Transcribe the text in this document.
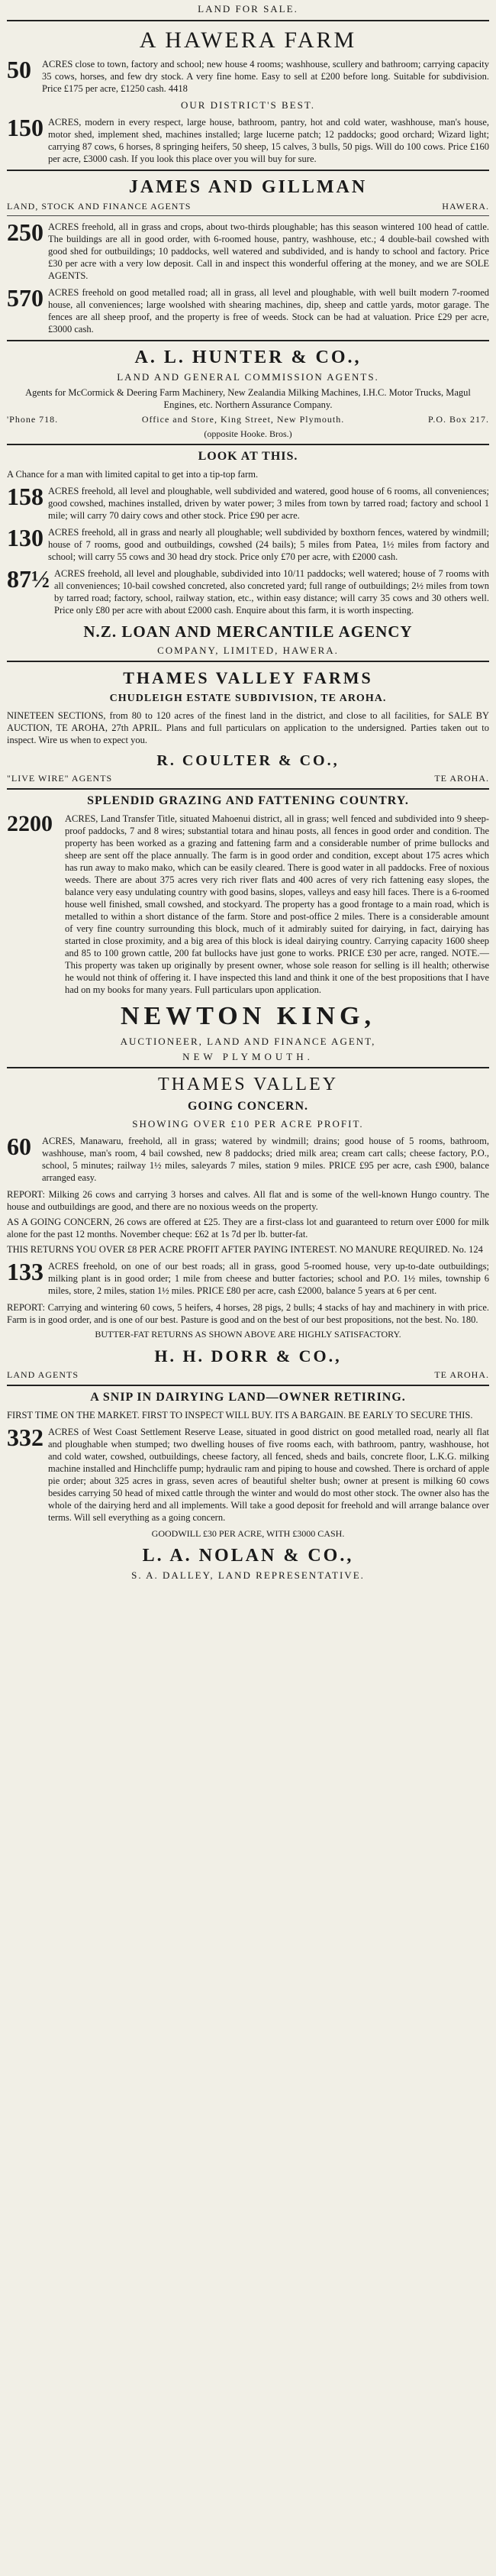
LAND FOR SALE.
A HAWERA FARM
50	ACRES close to town, factory and school; new house 4 rooms; washhouse, scullery and bathroom; carrying capacity 35 cows, horses, and few dry stock. A very fine home. Easy to sell at £200 before long. Suitable for subdivision. Price £175 per acre, £1250 cash. 4418
OUR DISTRICT'S BEST.
150 ACRES, modern in every respect, large house, bathroom, pantry, hot and cold water, washhouse, man's house, motor shed, implement shed, machines installed; large lucerne patch; 12 paddocks; good orchard; Wizard light; carrying 87 cows, 6 horses, 8 springing heifers, 50 sheep, 15 calves, 3 bulls, 50 pigs. Will do 100 cows. Price £160 per acre, £3000 cash. If you look this place over you will buy for sure.
JAMES AND GILLMAN
LAND, STOCK AND FINANCE AGENTS	HAWERA.
250 ACRES freehold, all in grass and crops, about two-thirds ploughable; has this season wintered 100 head of cattle. The buildings are all in good order, with 6-roomed house, pantry, washhouse, etc.; 4 double-bail cowshed with good shed for outbuildings; 10 paddocks, well watered and subdivided, and is handy to school and factory. Price £30 per acre with a very low deposit. Call in and inspect this wonderful offering at the money, and we are SOLE AGENTS.
570 ACRES freehold on good metalled road; all in grass, all level and ploughable, with well built modern 7-roomed house, all conveniences; large woolshed with shearing machines, dip, sheep and cattle yards, motor garage. The fences are all sheep proof, and the property is free of weeds. Stock can be had at valuation. Price £29 per acre, £3000 cash.
A. L. HUNTER & CO.,
LAND AND GENERAL COMMISSION AGENTS.
Agents for McCormick & Deering Farm Machinery, New Zealandia Milking Machines, I.H.C. Motor Trucks, Magul Engines, etc. Northern Assurance Company.
'Phone 718.	Office and Store, King Street, New Plymouth.	P.O. Box 217.
(opposite Hooke. Bros.)
LOOK AT THIS.
A Chance for a man with limited capital to get into a tip-top farm.
158 ACRES freehold, all level and ploughable, well subdivided and watered, good house of 6 rooms, all conveniences; good cowshed, machines installed, driven by water power; 3 miles from town by tarred road; factory and school 1 mile; will carry 70 dairy cows and other stock. Price £90 per acre.
130 ACRES freehold, all in grass and nearly all ploughable; well subdivided by boxthorn fences, watered by windmill; house of 7 rooms, good and outbuildings, cowshed (24 bails); 5 miles from Patea, 1½ miles from factory and school; will carry 55 cows and 30 head dry stock. Price only £70 per acre, with £2000 cash.
87½ ACRES freehold, all level and ploughable, subdivided into 10/11 paddocks; well watered; house of 7 rooms with all conveniences; 10-bail cowshed concreted, also concreted yard; full range of outbuildings; 2½ miles from town by tarred road; factory, school, railway station, etc., within easy distance; will carry 35 cows and 30 others well. Price only £80 per acre with about £2000 cash. Enquire about this farm, it is worth inspecting.
N.Z. LOAN AND MERCANTILE AGENCY
COMPANY, LIMITED, HAWERA.
THAMES VALLEY FARMS
CHUDLEIGH ESTATE SUBDIVISION, TE AROHA.
NINETEEN SECTIONS, from 80 to 120 acres of the finest land in the district, and close to all facilities, for SALE BY AUCTION, TE AROHA, 27th APRIL. Plans and full particulars on application to the undersigned. Parties taken out to inspect. Wire us when to expect you.
R. COULTER & CO.,
"LIVE WIRE" AGENTS	TE AROHA.
SPLENDID GRAZING AND FATTENING COUNTRY.
2200	ACRES, Land Transfer Title, situated Mahoenui district, all in grass; well fenced and subdivided into 9 sheep-proof paddocks, 7 and 8 wires; substantial totara and hinau posts, all fences in good order and condition. The property has been worked as a grazing and fattening farm and a considerable number of prime bullocks and sheep are sent off the place annually. The farm is in good order and condition, except about 175 acres which has run away to mako mako, which can be easily cleared. There is good water in all paddocks. Free of noxious weeds. There are about 375 acres very rich river flats and 400 acres of very rich fattening easy slopes, the balance very easy undulating country with good basins, slopes, valleys and easy hill faces. There is a 6-roomed house well finished, small cowshed, and stockyard. The property has a good frontage to a main road, which is metalled to within a short distance of the farm. Store and post-office 2 miles. There is a considerable amount of very fine country surrounding this block, much of it admirably suited for dairying, in fact, dairying has started in close proximity, and a big area of this block is ideal dairying country. Carrying capacity 1600 sheep and 85 to 100 grown cattle, 200 fat bullocks have just gone to works. PRICE £30 per acre, ranged. NOTE.—This property was taken up originally by present owner, whose sole reason for selling is ill health; otherwise he would not think of offering it. I have inspected this land and think it one of the best propositions that I have had on my books for many years. Full particulars upon application.
NEWTON KING,
AUCTIONEER, LAND AND FINANCE AGENT,
NEW PLYMOUTH.
THAMES VALLEY
GOING CONCERN.
SHOWING OVER £10 PER ACRE PROFIT.
60	ACRES, Manawaru, freehold, all in grass; watered by windmill; drains; good house of 5 rooms, bathroom, washhouse, man's room, 4 bail cowshed, new 8 paddocks; dried milk area; cream cart calls; cheese factory, P.O., school, 5 minutes; railway 1½ miles, saleyards 7 miles, station 9 miles. PRICE £95 per acre, cash £900, balance arranged easy.
REPORT: Milking 26 cows and carrying 3 horses and calves. All flat and is some of the well-known Hungo country. The house and outbuildings are good, and there are no noxious weeds on the property.
AS A GOING CONCERN, 26 cows are offered at £25. They are a first-class lot and guaranteed to return over £000 for milk alone for the past 12 months. November cheque: £62 at 1s 7d per lb. butter-fat.
THIS RETURNS YOU OVER £8 PER ACRE PROFIT AFTER PAYING INTEREST. NO MANURE REQUIRED. No. 124
133 ACRES freehold, on one of our best roads; all in grass, good 5-roomed house, very up-to-date outbuildings; milking plant is in good order; 1 mile from cheese and butter factories; school and P.O. 1½ miles, township 6 miles, store, 2 miles, station 1½ miles. PRICE £80 per acre, cash £2000, balance 5 years at 6 per cent.
REPORT: Carrying and wintering 60 cows, 5 heifers, 4 horses, 28 pigs, 2 bulls; 4 stacks of hay and machinery in with price. Farm is in good order, and is one of our best. Pasture is good and on the best of our best propositions, not the best. No. 180.
BUTTER-FAT RETURNS AS SHOWN ABOVE ARE HIGHLY SATISFACTORY.
H. H. DORR & CO.,
LAND AGENTS	TE AROHA.
A SNIP IN DAIRYING LAND—OWNER RETIRING.
FIRST TIME ON THE MARKET. FIRST TO INSPECT WILL BUY. ITS A BARGAIN. BE EARLY TO SECURE THIS.
332 ACRES of West Coast Settlement Reserve Lease, situated in good district on good metalled road, nearly all flat and ploughable when stumped; two dwelling houses of five rooms each, with bathroom, pantry, washhouse, hot and cold water, cowshed, outbuildings, cheese factory, all fenced, sheds and bails, concrete floor, L.K.G. milking machine installed and Hinchcliffe pump; hydraulic ram and piping to house and cowshed. There is orchard of apple pie order; about 325 acres in grass, seven acres of beautiful shelter bush; owner at present is milking 60 cows besides carrying 50 head of mixed cattle through the winter and would do most other stock. The owner also has the whole of the dairying herd and all implements. Will take a good deposit for freehold and will arrange balance over terms. Will sell everything as a going concern.
GOODWILL £30 PER ACRE, WITH £3000 CASH.
L. A. NOLAN & CO.,
S. A. DALLEY, LAND REPRESENTATIVE.
